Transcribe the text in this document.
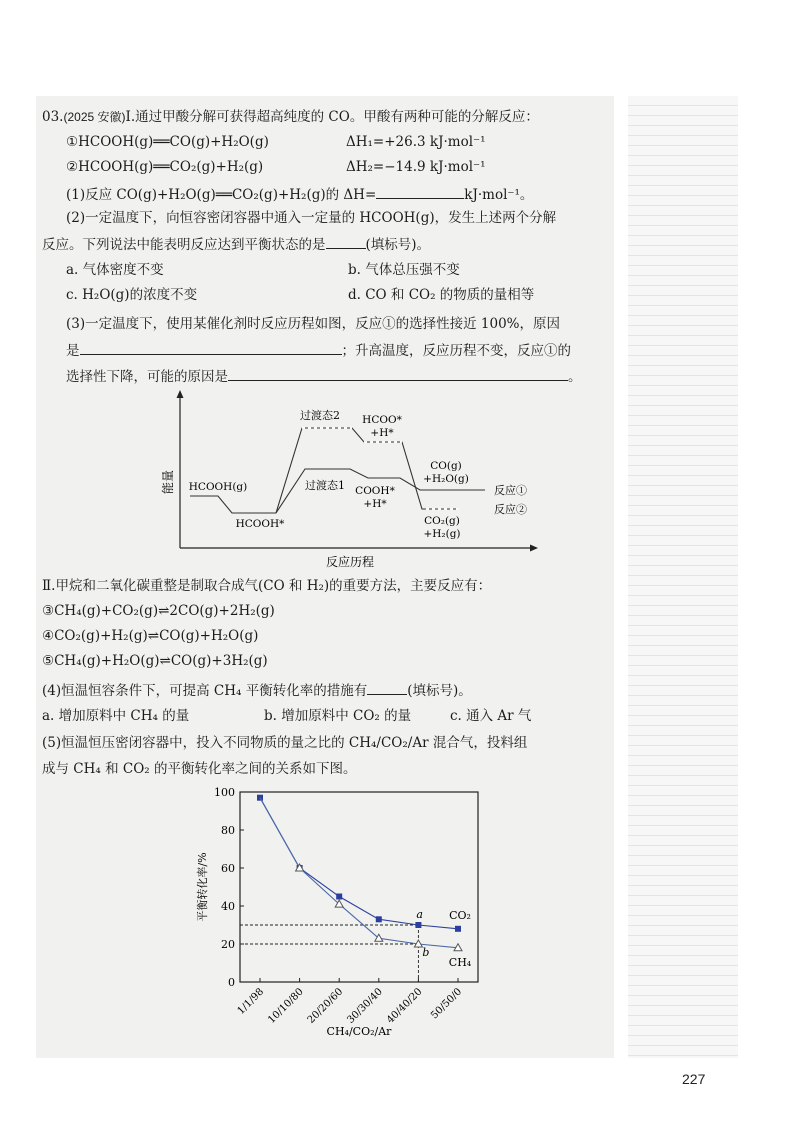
03.(2025 安徽)Ⅰ.通过甲酸分解可获得超高纯度的 CO。甲酸有两种可能的分解反应：
①HCOOH(g)══CO(g)+H₂O(g)	ΔH₁=+26.3 kJ·mol⁻¹
②HCOOH(g)══CO₂(g)+H₂(g)	ΔH₂=−14.9 kJ·mol⁻¹
(1)反应 CO(g)+H₂O(g)══CO₂(g)+H₂(g)的 ΔH=	kJ·mol⁻¹。
(2)一定温度下，向恒容密闭容器中通入一定量的 HCOOH(g)，发生上述两个分解
反应。下列说法中能表明反应达到平衡状态的是	(填标号)。
a. 气体密度不变	b. 气体总压强不变
c. H₂O(g)的浓度不变	d. CO 和 CO₂ 的物质的量相等
(3)一定温度下，使用某催化剂时反应历程如图，反应①的选择性接近 100%，原因
是	；升高温度，反应历程不变，反应①的
选择性下降，可能的原因是	。
能量
反应历程
过渡态2 HCOO*
+H*
过渡态1 COOH*
+H*
HCOOH(g)
HCOOH*
CO(g)
+H₂O(g)
CO₂(g)
+H₂(g)
反应①
反应②
Ⅱ.甲烷和二氧化碳重整是制取合成气(CO 和 H₂)的重要方法，主要反应有：
③CH₄(g)+CO₂(g)⇌2CO(g)+2H₂(g)
④CO₂(g)+H₂(g)⇌CO(g)+H₂O(g)
⑤CH₄(g)+H₂O(g)⇌CO(g)+3H₂(g)
(4)恒温恒容条件下，可提高 CH₄ 平衡转化率的措施有	(填标号)。
a. 增加原料中 CH₄ 的量	b. 增加原料中 CO₂ 的量	c. 通入 Ar 气
(5)恒温恒压密闭容器中，投入不同物质的量之比的 CH₄/CO₂/Ar 混合气，投料组
成与 CH₄ 和 CO₂ 的平衡转化率之间的关系如下图。
平衡转化率/%
CH₄/CO₂/Ar
0
20
40
60
80
100
1/1/98 10/10/80 20/20/60 30/30/40 40/40/20 50/50/0
CO₂
CH₄
a
b
227
